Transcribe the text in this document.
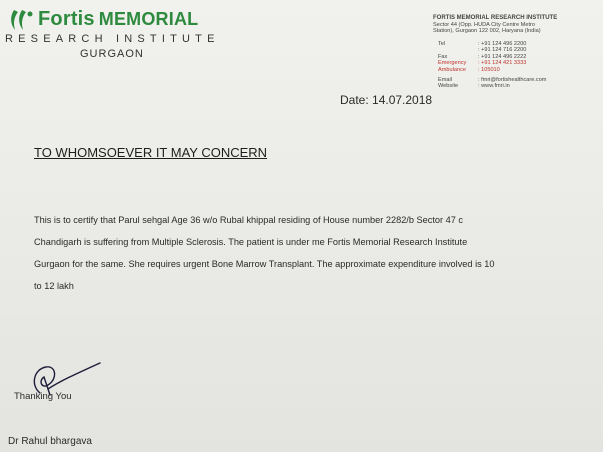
Fortis MEMORIAL
RESEARCH INSTITUTE
GURGAON
FORTIS MEMORIAL RESEARCH INSTITUTE
Sector 44 (Opp. HUDA City Centre Metro
Station), Gurgaon 122 002, Haryana (India)
Tel	: +91 124 496 2200
: +91 124 716 2200
Fax	: +91 124 496 2222
Emergency	: +91 124 421 3333
Ambulance	: 105010
Email	: fmri@fortishealthcare.com
Website	: www.fmri.in
Date: 14.07.2018
TO WHOMSOEVER IT MAY CONCERN

This is to certify that Parul sehgal Age 36 w/o Rubal khippal residing of House number 2282/b Sector 47 c

Chandigarh is suffering from Multiple Sclerosis. The patient is under me Fortis Memorial Research Institute

Gurgaon for the same. She requires urgent Bone Marrow Transplant. The approximate expenditure involved is 10

to 12 lakh

Thanking You
Dr Rahul bhargava
